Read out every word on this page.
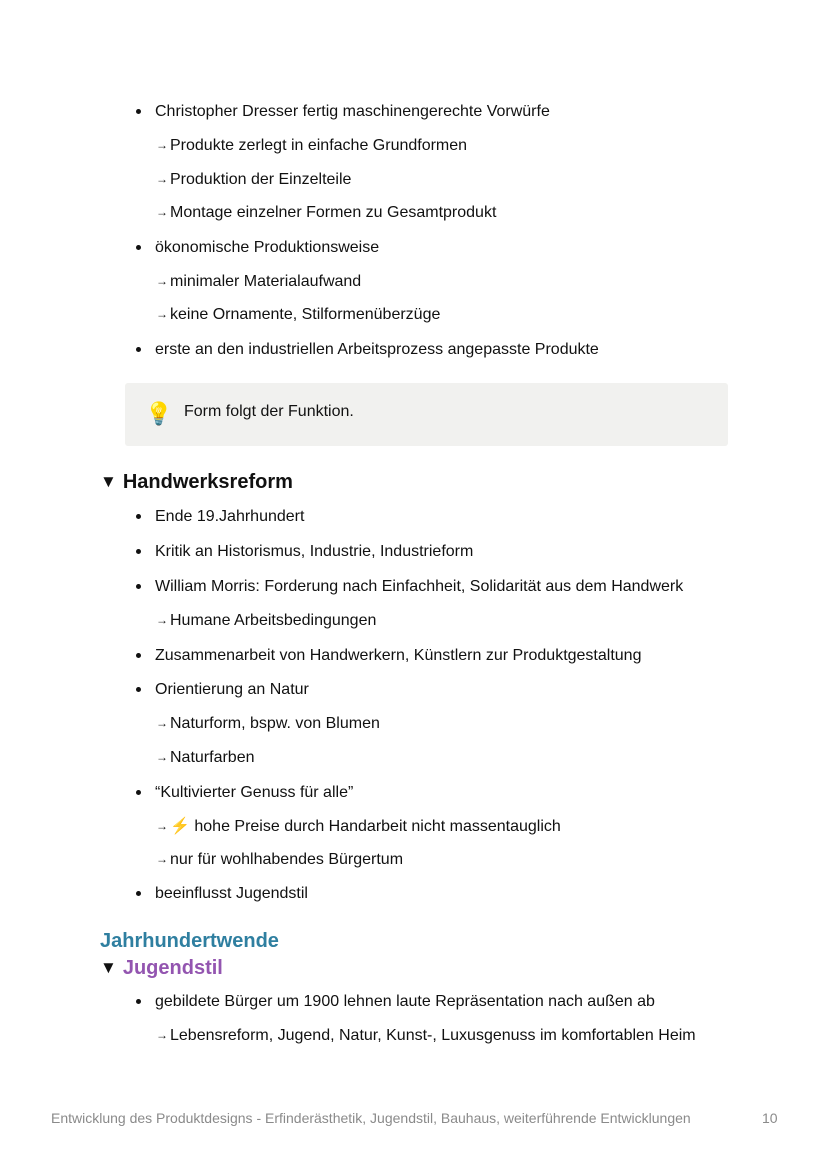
Christopher Dresser fertig maschinengerechte Vorwürfe
→ Produkte zerlegt in einfache Grundformen
→ Produktion der Einzelteile
→ Montage einzelner Formen zu Gesamtprodukt
ökonomische Produktionsweise
→ minimaler Materialaufwand
→ keine Ornamente, Stilformenüberzüge
erste an den industriellen Arbeitsprozess angepasste Produkte
💡 Form folgt der Funktion.
▼ Handwerksreform
Ende 19.Jahrhundert
Kritik an Historismus, Industrie, Industrieform
William Morris: Forderung nach Einfachheit, Solidarität aus dem Handwerk
→ Humane Arbeitsbedingungen
Zusammenarbeit von Handwerkern, Künstlern zur Produktgestaltung
Orientierung an Natur
→ Naturform, bspw. von Blumen
→ Naturfarben
“Kultivierter Genuss für alle”
→ ⚡ hohe Preise durch Handarbeit nicht massentauglich
→ nur für wohlhabendes Bürgertum
beeinflusst Jugendstil
Jahrhundertwende
▼ Jugendstil
gebildete Bürger um 1900 lehnen laute Repräsentation nach außen ab
→ Lebensreform, Jugend, Natur, Kunst-, Luxusgenuss im komfortablen Heim
Entwicklung des Produktdesigns - Erfinderästhetik, Jugendstil, Bauhaus, weiterführende Entwicklungen	10
